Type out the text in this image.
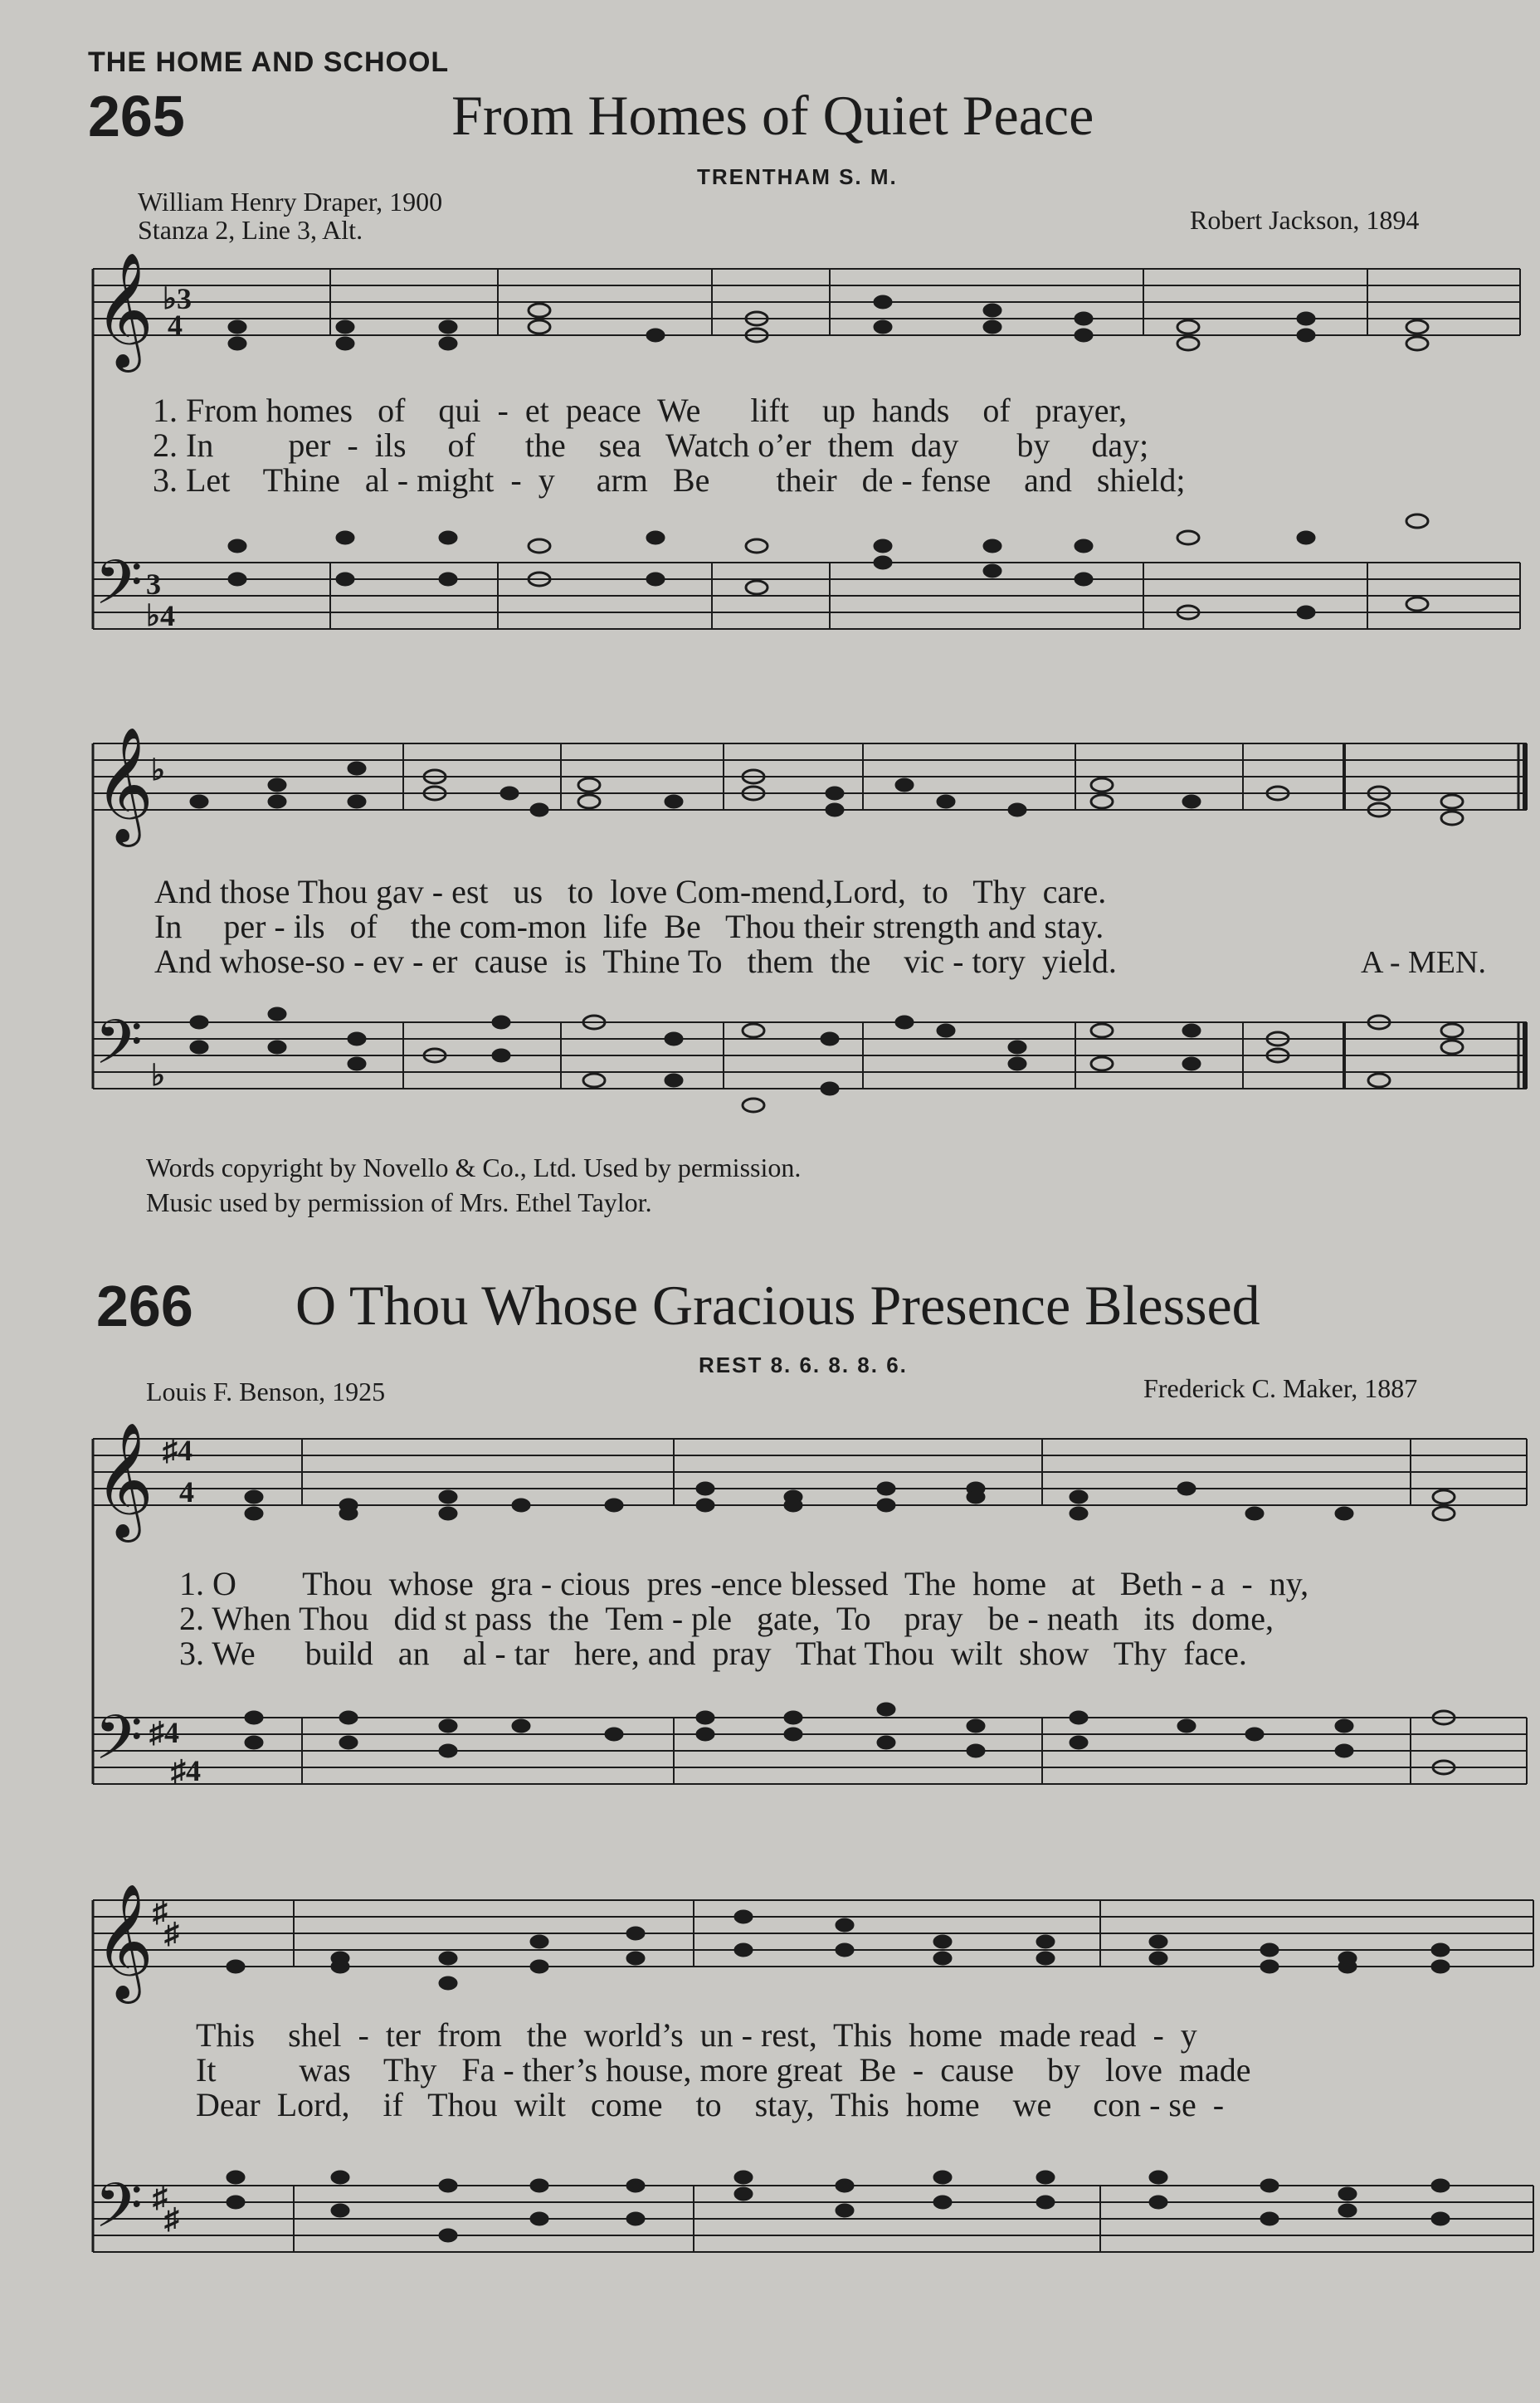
THE HOME AND SCHOOL
265	From Homes of Quiet Peace
TRENTHAM S. M.
William Henry Draper, 1900
Stanza 2, Line 3, Alt.	Robert Jackson, 1894
𝄞
𝄢
♭3
4
3
♭4
𝄞
𝄢
♭
♭
𝄞
𝄢
♯4
4
♯4
♯4
𝄞
𝄢
♯
♯
♯
♯
1. From homes   of    qui  -  et  peace  We      lift    up  hands    of   prayer,
2. In         per  -  ils     of      the    sea   Watch o’er  them  day       by     day;
3. Let    Thine   al - might  -  y     arm   Be        their   de - fense    and   shield;
And those Thou gav - est   us   to  love Com-mend,Lord,  to   Thy  care.
In     per - ils   of    the com-mon  life  Be   Thou their strength and stay.
And whose-so - ev - er  cause  is  Thine To   them  the    vic - tory  yield.	A - MEN.
Words copyright by Novello & Co., Ltd. Used by permission.
Music used by permission of Mrs. Ethel Taylor.
266 O Thou Whose Gracious Presence Blessed
REST 8. 6. 8. 8. 6.
Louis F. Benson, 1925	Frederick C. Maker, 1887
1. O        Thou  whose  gra - cious  pres -ence blessed  The  home   at   Beth - a  -  ny,
2. When Thou   did st pass  the  Tem - ple   gate,  To    pray   be - neath   its  dome,
3. We      build   an    al - tar   here, and  pray   That Thou  wilt  show   Thy  face.
This    shel  -  ter  from   the  world’s  un - rest,  This  home  made read  -  y
It          was    Thy   Fa - ther’s house, more great  Be  -  cause    by   love  made
Dear  Lord,    if   Thou  wilt   come    to    stay,  This  home    we     con - se  -
